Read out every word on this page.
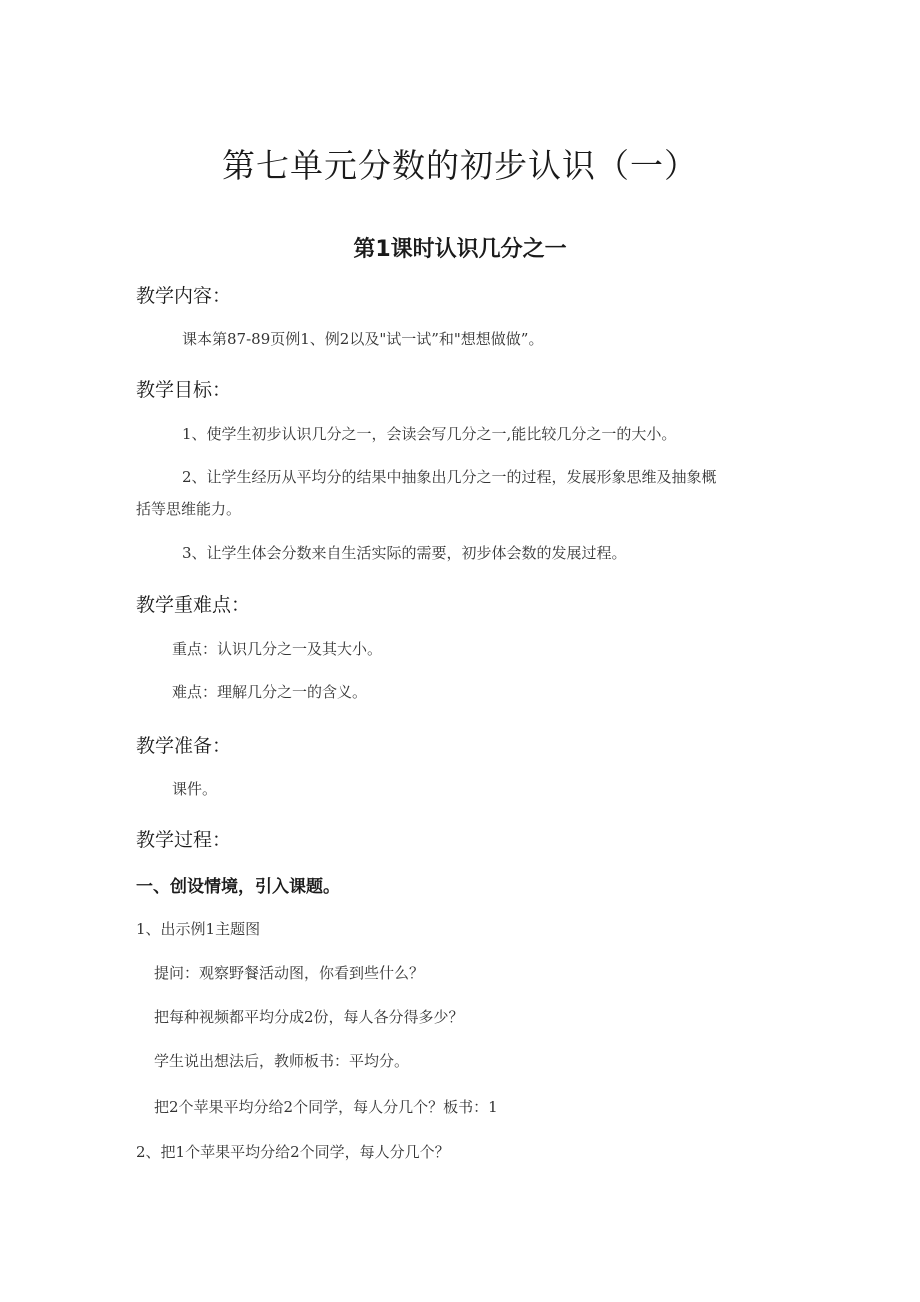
第七单元分数的初步认识（一）
第1课时认识几分之一
教学内容：
课本第87-89页例1、例2以及"试一试”和"想想做做”。
教学目标：
1、使学生初步认识几分之一，会读会写几分之一,能比较几分之一的大小。
2、让学生经历从平均分的结果中抽象出几分之一的过程，发展形象思维及抽象概
括等思维能力。
3、让学生体会分数来自生活实际的需要，初步体会数的发展过程。
教学重难点：
重点：认识几分之一及其大小。
难点：理解几分之一的含义。
教学准备：
课件。
教学过程：
一、创设情境，引入课题。
1、出示例1主题图
提问：观察野餐活动图，你看到些什么？
把每种视频都平均分成2份，每人各分得多少？
学生说出想法后，教师板书：平均分。
把2个苹果平均分给2个同学，每人分几个？板书：1
2、把1个苹果平均分给2个同学，每人分几个？
